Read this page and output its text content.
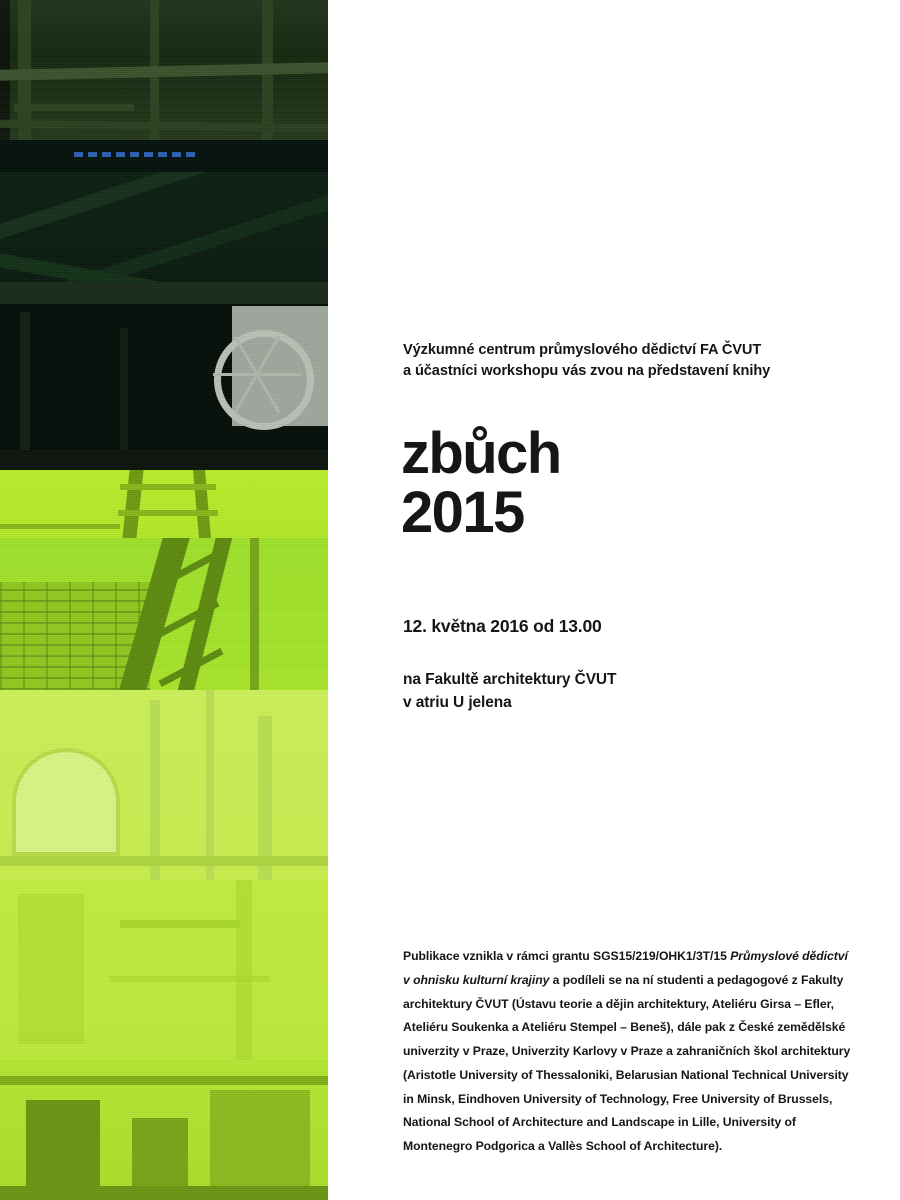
Výzkumné centrum průmyslového dědictví FA ČVUT
a účastníci workshopu vás zvou na představení knihy
zbůch
2015
12. května 2016 od 13.00
na Fakultě architektury ČVUT
v atriu U jelena
Publikace vznikla v rámci grantu SGS15/219/OHK1/3T/15 Průmyslové dědictví v ohnisku kulturní krajiny a podíleli se na ní studenti a pedagogové z Fakulty architektury ČVUT (Ústavu teorie a dějin architektury, Ateliéru Girsa – Efler, Ateliéru Soukenka a Ateliéru Stempel – Beneš), dále pak z České zemědělské univerzity v Praze, Univerzity Karlovy v Praze a zahraničních škol architektury (Aristotle University of Thessaloniki, Belarusian National Technical University in Minsk, Eindhoven University of Technology, Free University of Brussels, National School of Architecture and Landscape in Lille, University of Montenegro Podgorica a Vallès School of Architecture).
